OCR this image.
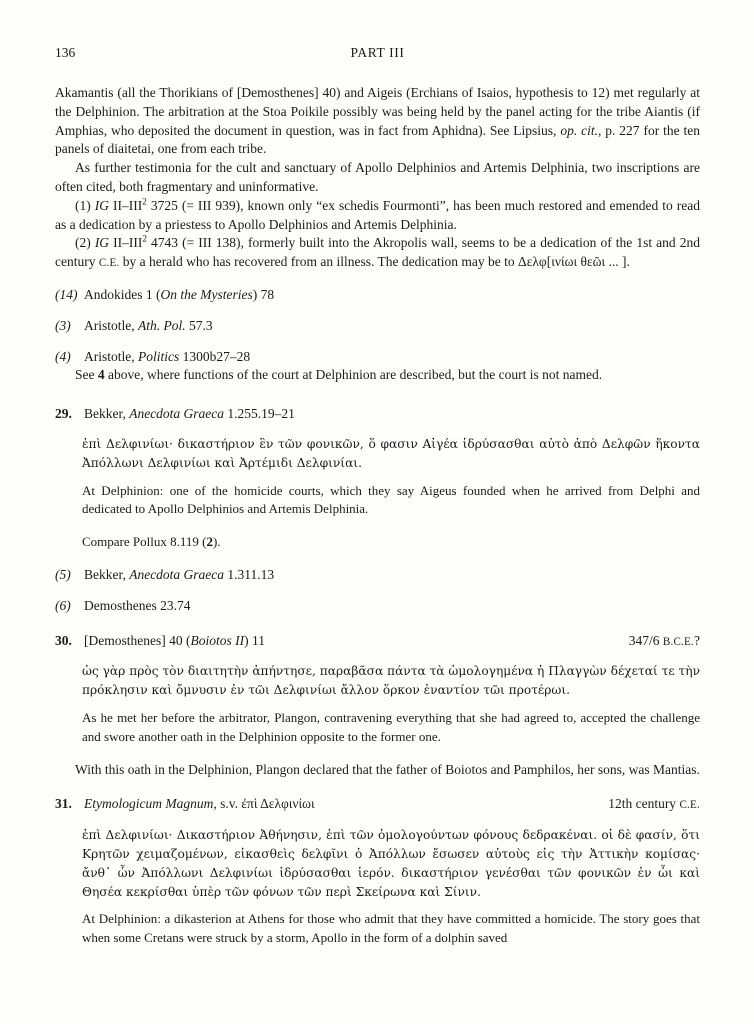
136	PART III

Akamantis (all the Thorikians of [Demosthenes] 40) and Aigeis (Erchians of Isaios, hypothesis to 12) met regularly at the Delphinion. The arbitration at the Stoa Poikile possibly was being held by the panel acting for the tribe Aiantis (if Amphias, who deposited the document in question, was in fact from Aphidna). See Lipsius, op. cit., p. 227 for the ten panels of diaitetai, one from each tribe.

As further testimonia for the cult and sanctuary of Apollo Delphinios and Artemis Delphinia, two inscriptions are often cited, both fragmentary and uninformative.

(1) IG II–III$^2$ 3725 (= III 939), known only “ex schedis Fourmonti”, has been much restored and emended to read as a dedication by a priestess to Apollo Delphinios and Artemis Delphinia.

(2) IG II–III$^2$ 4743 (= III 138), formerly built into the Akropolis wall, seems to be a dedication of the 1st and 2nd century C.E. by a herald who has recovered from an illness. The dedication may be to Δελφ[ινίωι θεῶι ... ].

(14) Andokides 1 (On the Mysteries) 78
(3) Aristotle, Ath. Pol. 57.3
(4) Aristotle, Politics 1300b27–28

See 4 above, where functions of the court at Delphinion are described, but the court is not named.

29. Bekker, Anecdota Graeca 1.255.19–21

ἐπὶ Δελφινίωι· δικαστήριον ἓν τῶν φονικῶν, ὅ φασιν Αἰγέα ἱδρύσασθαι αὐτὸ ἀπὸ Δελφῶν ἥκοντα Ἀπόλλωνι Δελφινίωι καὶ Ἀρτέμιδι Δελφινίαι.

At Delphinion: one of the homicide courts, which they say Aigeus founded when he arrived from Delphi and dedicated to Apollo Delphinios and Artemis Delphinia.

Compare Pollux 8.119 (2).

(5) Bekker, Anecdota Graeca 1.311.13
(6) Demosthenes 23.74
30. [Demosthenes] 40 (Boiotos II) 11	347/6 B.C.E.?

ὡς γὰρ πρὸς τὸν διαιτητὴν ἀπήντησε, παραβᾶσα πάντα τὰ ὡμολογημένα ἡ Πλαγγὼν δέχεταί τε τὴν πρόκλησιν καὶ ὄμνυσιν ἐν τῶι Δελφινίωι ἄλλον ὅρκον ἐναντίον τῶι προτέρωι.

As he met her before the arbitrator, Plangon, contravening everything that she had agreed to, accepted the challenge and swore another oath in the Delphinion opposite to the former one.

With this oath in the Delphinion, Plangon declared that the father of Boiotos and Pamphilos, her sons, was Mantias.

31. Etymologicum Magnum, s.v. ἐπὶ Δελφινίωι	12th century C.E.

ἐπὶ Δελφινίωι· Δικαστήριον Ἀθήνησιν, ἐπὶ τῶν ὁμολογούντων φόνους δεδρακέναι. οἱ δὲ φασίν, ὅτι Κρητῶν χειμαζομένων, εἰκασθεὶς δελφῖνι ὁ Ἀπόλλων ἔσωσεν αὐτοὺς εἰς τὴν Ἀττικὴν κομίσας· ἄνθ᾽ ὧν Ἀπόλλωνι Δελφινίωι ἱδρύσασθαι ἱερόν. δικαστήριον γενέσθαι τῶν φονικῶν ἐν ὧι καὶ Θησέα κεκρίσθαι ὑπὲρ τῶν φόνων τῶν περὶ Σκείρωνα καὶ Σίνιν.

At Delphinion: a dikasterion at Athens for those who admit that they have committed a homicide. The story goes that when some Cretans were struck by a storm, Apollo in the form of a dolphin saved
